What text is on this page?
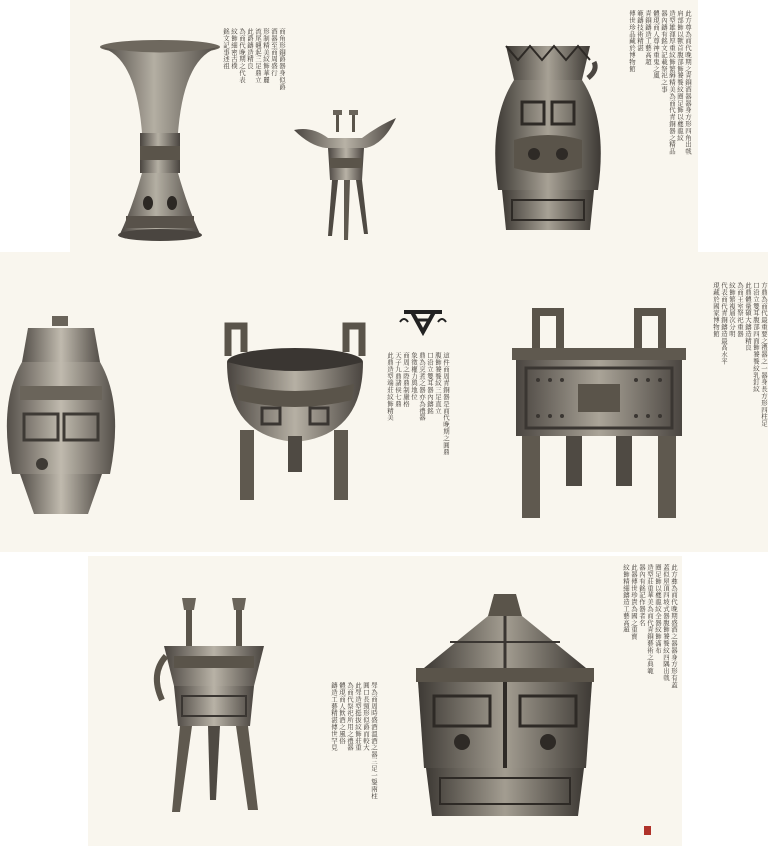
商角形銅爵器身似爵
酒器至商周盛行
形制精美紋飾華麗
流尾翹起三足鼎立
此爵鑄造精良
為商代晚期之代表
紋飾細密古樸
銘文記事述祖	此方尊為商代晚期之青銅酒器器身方形四角出戟
肩部飾以獸首腹部飾饕餮紋圈足飾以夔龍紋
造型雄渾厚重紋飾繁縟精美為商代青銅器之精品
器內鑄有銘文記載祭祀之事
體現商人尊神重鬼之風
青銅鑄造工藝高超
範鑄技術精湛
傳世珍品藏於博物館
這件商周青銅器是商代晚期之圓鼎
腹飾饕餮紋三足直立
口沿立雙耳器內鑄銘
鼎為烹煮之器亦為禮器
象徵權力與地位
商周之際鼎制嚴格
天子九鼎諸侯七鼎
此鼎造型端莊紋飾精美	方鼎為商代最重要之禮器之一器身長方形四柱足
口沿立雙耳腹部四面飾饕餮紋乳釘紋
此鼎體量碩大鑄造精良
為商王室祭祀重器
紋飾繁複層次分明
代表商代青銅鑄造最高水平
現藏於國家博物館
斝為商周時盛酒溫酒之器三足一鋬兩柱
圓口長頸形似爵而較大
此斝造型挺拔紋飾莊重
為商代祭祀所用之禮器
體現商人飲酒之風俗
鑄造工藝精湛傳世罕見
此方彝為商代晚期盛酒之器器身方形有蓋
蓋似屋頂四坡式器腹飾饕餮紋四隅出戟
圈足飾以夔龍紋全器紋飾滿布
造型莊重華美為商代青銅藝術之典範
器內有銘記作器者名
此器傳世珍貴為國之重寶
紋飾精細鑄造工藝高超
